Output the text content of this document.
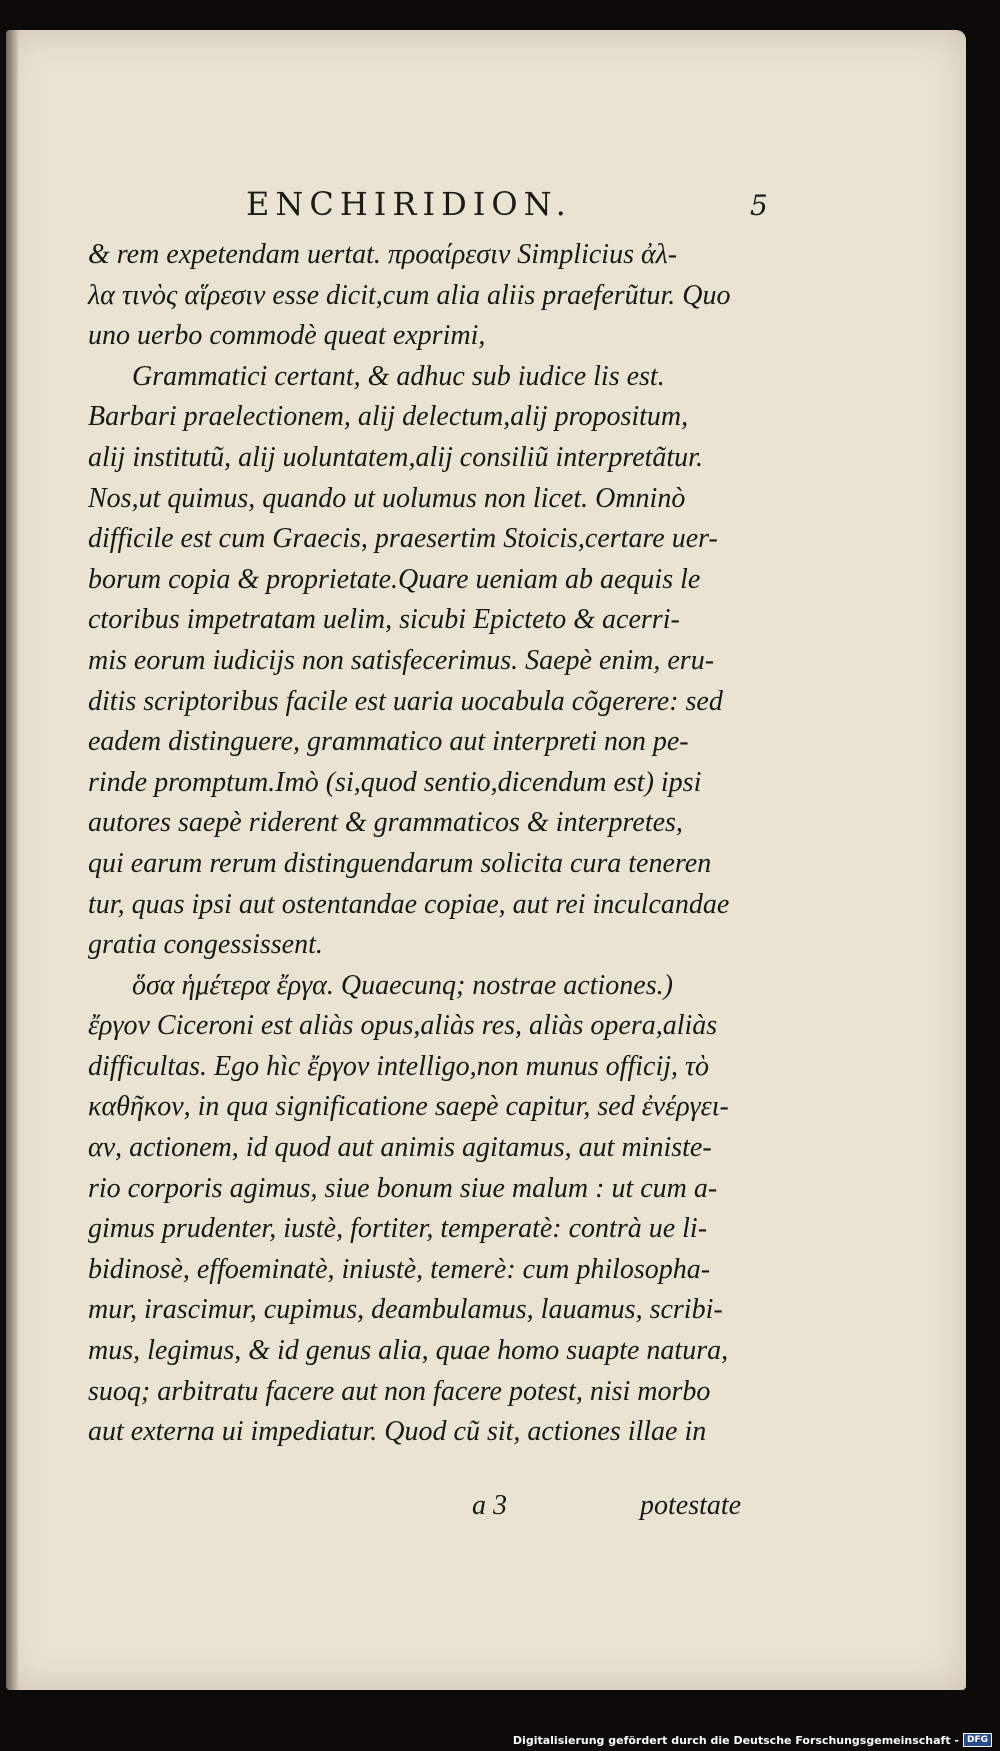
ENCHIRIDION.	5
& rem expetendam uertat. προαίρεσιν Simplicius ἀλ-
λα τινὸς αἵρεσιν esse dicit,cum alia aliis praeferũtur. Quo
uno uerbo commodè queat exprimi,
Grammatici certant, & adhuc sub iudice lis est.
Barbari praelectionem, alij delectum,alij propositum,
alij institutũ, alij uoluntatem,alij consiliũ interpretãtur.
Nos,ut quimus, quando ut uolumus non licet. Omninò
difficile est cum Graecis, praesertim Stoicis,certare uer-
borum copia & proprietate.Quare ueniam ab aequis le
ctoribus impetratam uelim, sicubi Epicteto & acerri-
mis eorum iudicijs non satisfecerimus. Saepè enim, eru-
ditis scriptoribus facile est uaria uocabula cõgerere: sed
eadem distinguere, grammatico aut interpreti non pe-
rinde promptum.Imò (si,quod sentio,dicendum est) ipsi
autores saepè riderent & grammaticos & interpretes,
qui earum rerum distinguendarum solicita cura teneren
tur, quas ipsi aut ostentandae copiae, aut rei inculcandae
gratia congessissent.
ὅσα ἡμέτερα ἔργα. Quaecunq; nostrae actiones.)
ἔργον Ciceroni est aliàs opus,aliàs res, aliàs opera,aliàs
difficultas. Ego hìc ἔργον intelligo,non munus officij, τὸ
καθῆκον, in qua significatione saepè capitur, sed ἐνέργει-
αν, actionem, id quod aut animis agitamus, aut ministe-
rio corporis agimus, siue bonum siue malum : ut cum a-
gimus prudenter, iustè, fortiter, temperatè: contrà ue li-
bidinosè, effoeminatè, iniustè, temerè: cum philosopha-
mur, irascimur, cupimus, deambulamus, lauamus, scribi-
mus, legimus, & id genus alia, quae homo suapte natura,
suoq; arbitratu facere aut non facere potest, nisi morbo
aut externa ui impediatur. Quod cũ sit, actiones illae in
a 3	potestate
Digitalisierung gefördert durch die Deutsche Forschungsgemeinschaft - DFG
